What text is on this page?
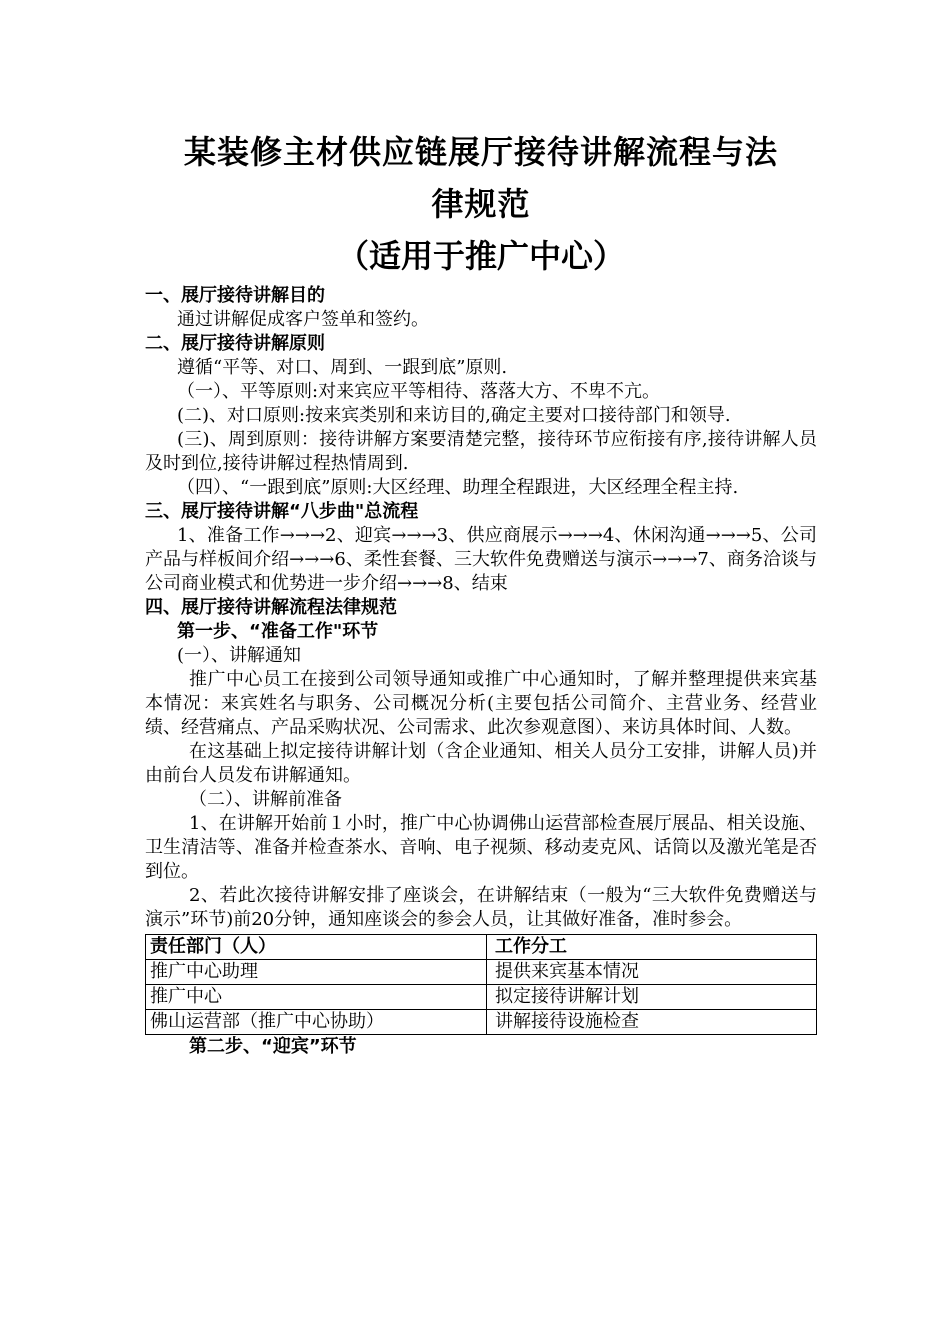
某装修主材供应链展厅接待讲解流程与法
律规范
（适用于推广中心）
一、展厅接待讲解目的

通过讲解促成客户签单和签约。

二、展厅接待讲解原则

遵循“平等、对口、周到、一跟到底”原则.

（一）、平等原则:对来宾应平等相待、落落大方、不卑不亢。

(二)、对口原则:按来宾类别和来访目的,确定主要对口接待部门和领导.

(三)、周到原则：接待讲解方案要清楚完整，接待环节应衔接有序,接待讲解人员及时到位,接待讲解过程热情周到.

（四）、“一跟到底”原则:大区经理、助理全程跟进，大区经理全程主持.

三、展厅接待讲解“八步曲"总流程

1、准备工作→→→2、迎宾→→→3、供应商展示→→→4、休闲沟通→→→5、公司产品与样板间介绍→→→6、柔性套餐、三大软件免费赠送与演示→→→7、商务洽谈与公司商业模式和优势进一步介绍→→→8、结束

四、展厅接待讲解流程法律规范
第一步、“准备工作"环节

(一）、讲解通知

推广中心员工在接到公司领导通知或推广中心通知时，了解并整理提供来宾基本情况：来宾姓名与职务、公司概况分析(主要包括公司简介、主营业务、经营业绩、经营痛点、产品采购状况、公司需求、此次参观意图）、来访具体时间、人数。

在这基础上拟定接待讲解计划（含企业通知、相关人员分工安排，讲解人员)并由前台人员发布讲解通知。

（二）、讲解前准备

1、在讲解开始前１小时，推广中心协调佛山运营部检查展厅展品、相关设施、卫生清洁等、准备并检查茶水、音响、电子视频、移动麦克风、话筒以及激光笔是否到位。

2、若此次接待讲解安排了座谈会，在讲解结束（一般为“三大软件免费赠送与演示”环节)前20分钟，通知座谈会的参会人员，让其做好准备，准时参会。

责任部门（人）	工作分工
推广中心助理	提供来宾基本情况
推广中心	拟定接待讲解计划
佛山运营部（推广中心协助）	讲解接待设施检查
第二步、“迎宾”环节
